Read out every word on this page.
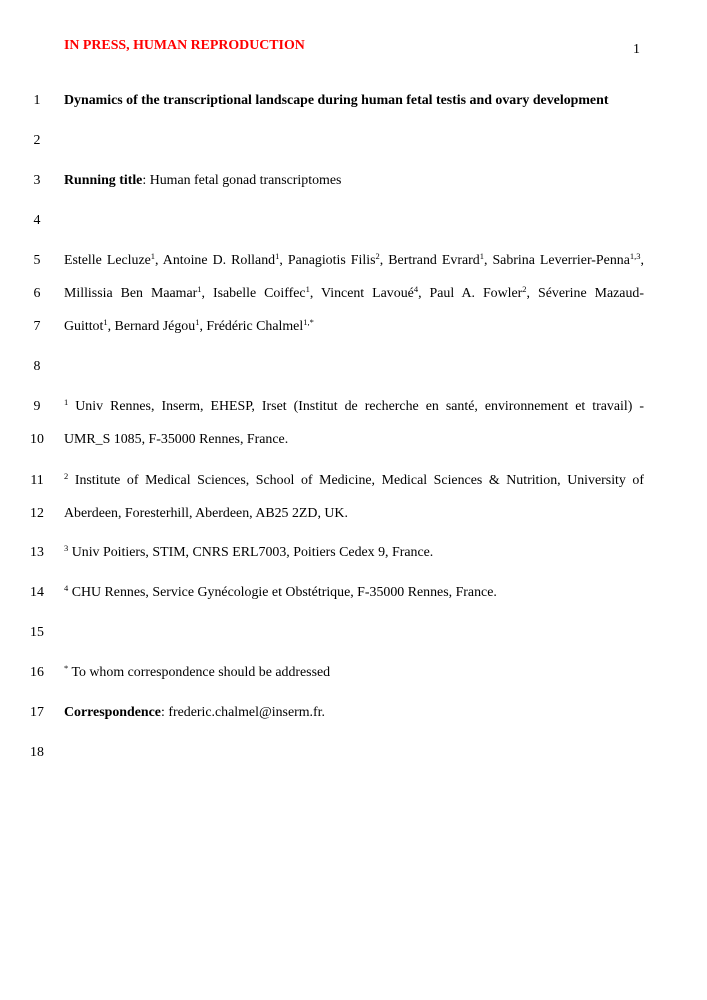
IN PRESS, HUMAN REPRODUCTION	1
1 Dynamics of the transcriptional landscape during human fetal testis and ovary development
2
3 Running title: Human fetal gonad transcriptomes
4
5 Estelle Lecluze$^1$, Antoine D. Rolland$^1$, Panagiotis Filis$^2$, Bertrand Evrard$^1$, Sabrina Leverrier-Penna$^{1,3}$,
6 Millissia Ben Maamar$^1$, Isabelle Coiffec$^1$, Vincent Lavoué$^4$, Paul A. Fowler$^2$, Séverine Mazaud-
7 Guittot$^1$, Bernard Jégou$^1$, Frédéric Chalmel$^{1,*}$
8
9	$^1$ Univ Rennes, Inserm, EHESP, Irset (Institut de recherche en santé, environnement et travail) -
10 UMR_S 1085, F-35000 Rennes, France.
11 $^2$ Institute of Medical Sciences, School of Medicine, Medical Sciences & Nutrition, University of
12 Aberdeen, Foresterhill, Aberdeen, AB25 2ZD, UK.
13 $^3$ Univ Poitiers, STIM, CNRS ERL7003, Poitiers Cedex 9, France.
14 $^4$ CHU Rennes, Service Gynécologie et Obstétrique, F-35000 Rennes, France.
15
16 * To whom correspondence should be addressed
17 Correspondence: frederic.chalmel@inserm.fr.
18
